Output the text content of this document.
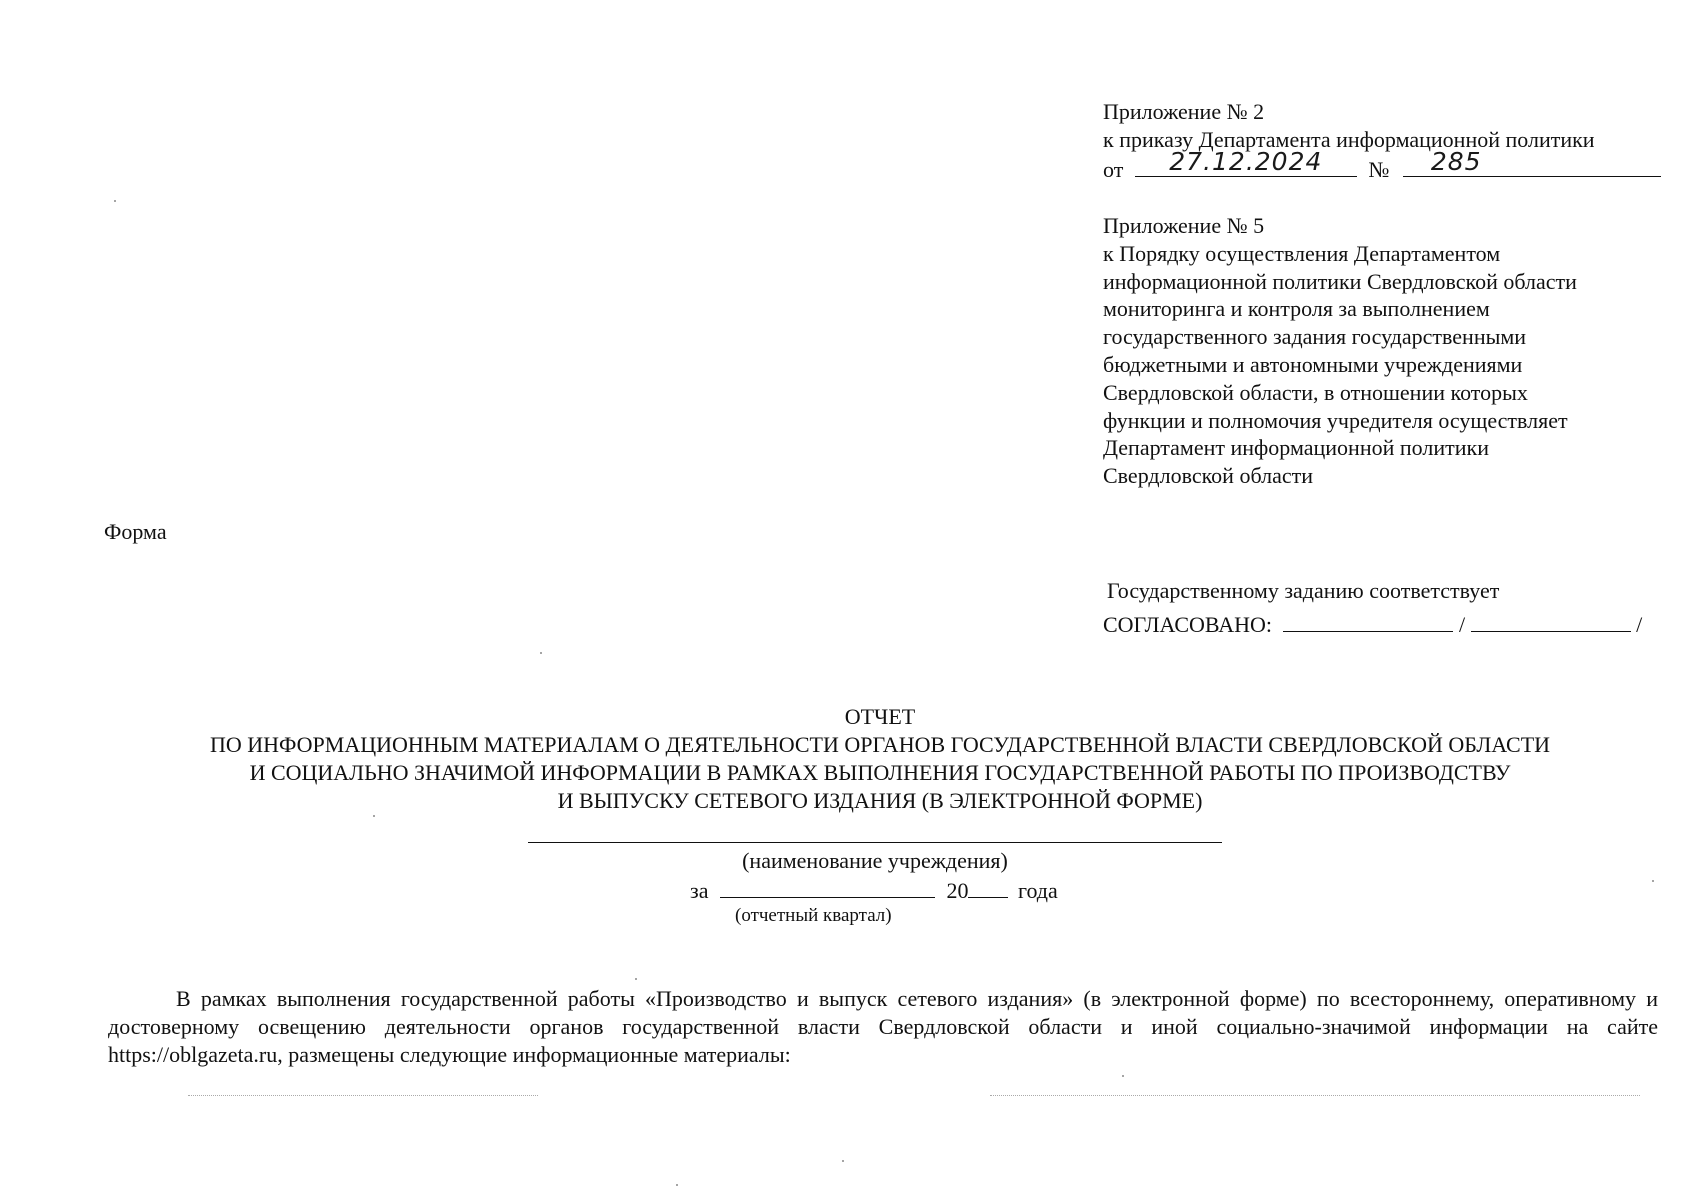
Приложение № 2
к приказу Департамента информационной политики
от	27.12.2024	№	285
Приложение № 5
к Порядку осуществления Департаментом
информационной политики Свердловской области
мониторинга и контроля за выполнением
государственного задания государственными
бюджетными и автономными учреждениями
Свердловской области, в отношении которых
функции и полномочия учредителя осуществляет
Департамент информационной политики
Свердловской области
Форма
Государственному заданию соответствует
СОГЛАСОВАНО:	/	/
ОТЧЕТ
ПО ИНФОРМАЦИОННЫМ МАТЕРИАЛАМ О ДЕЯТЕЛЬНОСТИ ОРГАНОВ ГОСУДАРСТВЕННОЙ ВЛАСТИ СВЕРДЛОВСКОЙ ОБЛАСТИ
И СОЦИАЛЬНО ЗНАЧИМОЙ ИНФОРМАЦИИ В РАМКАХ ВЫПОЛНЕНИЯ ГОСУДАРСТВЕННОЙ РАБОТЫ ПО ПРОИЗВОДСТВУ
И ВЫПУСКУ СЕТЕВОГО ИЗДАНИЯ (В ЭЛЕКТРОННОЙ ФОРМЕ)
(наименование учреждения)
за	20 года
(отчетный квартал)
В рамках выполнения государственной работы «Производство и выпуск сетевого издания» (в электронной форме) по всестороннему, оперативному и достоверному освещению деятельности органов государственной власти Свердловской области и иной социально-значимой информации на сайте https://oblgazeta.ru, размещены следующие информационные материалы:
